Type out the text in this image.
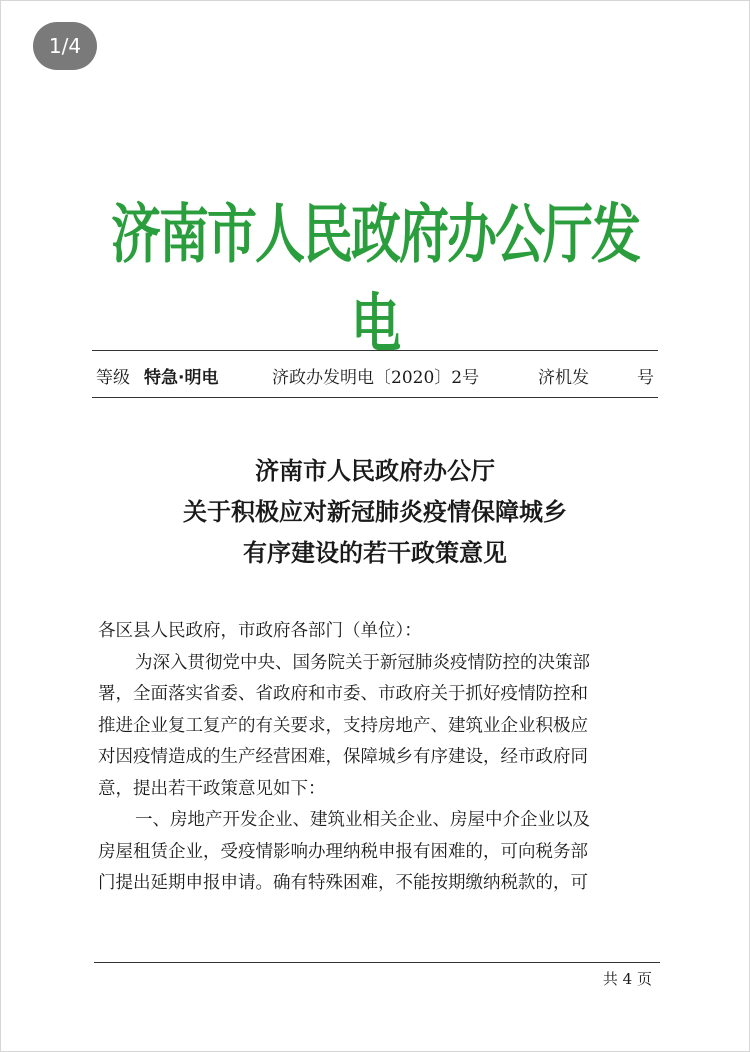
1/4
济南市人民政府办公厅发电
等级 特急·明电	济政办发明电〔2020〕2号	济机发	号
济南市人民政府办公厅
关于积极应对新冠肺炎疫情保障城乡
有序建设的若干政策意见
各区县人民政府，市政府各部门（单位）：
为深入贯彻党中央、国务院关于新冠肺炎疫情防控的决策部
署，全面落实省委、省政府和市委、市政府关于抓好疫情防控和
推进企业复工复产的有关要求，支持房地产、建筑业企业积极应
对因疫情造成的生产经营困难，保障城乡有序建设，经市政府同
意，提出若干政策意见如下：
一、房地产开发企业、建筑业相关企业、房屋中介企业以及
房屋租赁企业，受疫情影响办理纳税申报有困难的，可向税务部
门提出延期申报申请。确有特殊困难，不能按期缴纳税款的，可
共 4 页
